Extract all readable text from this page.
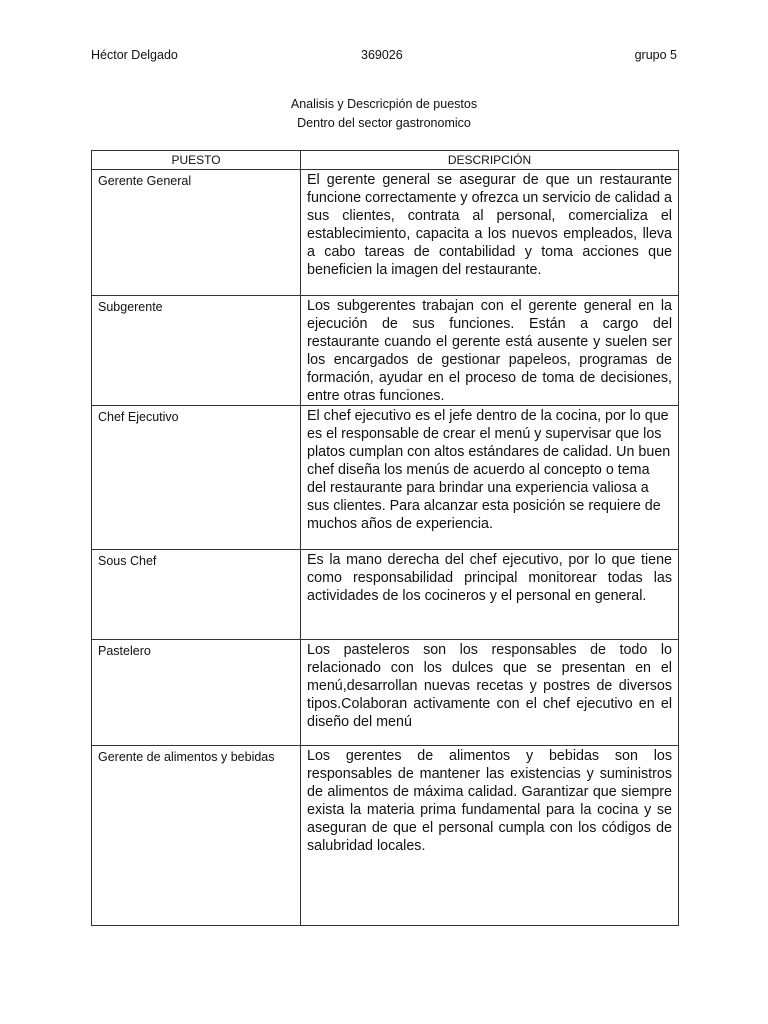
Héctor Delgado	369026	grupo 5
Analisis y Descricpión de puestos
Dentro del sector gastronomico
PUESTO	DESCRIPCIÓN
Gerente General	El gerente general se asegurar de que un restaurante funcione correctamente y ofrezca un servicio de calidad a sus clientes, contrata al personal, comercializa el establecimiento, capacita a los nuevos empleados, lleva a cabo tareas de contabilidad y toma acciones que beneficien la imagen del restaurante.
Subgerente	Los subgerentes trabajan con el gerente general en la ejecución de sus funciones. Están a cargo del restaurante cuando el gerente está ausente y suelen ser los encargados de gestionar papeleos, programas de formación, ayudar en el proceso de toma de decisiones, entre otras funciones.
Chef Ejecutivo	El chef ejecutivo es el jefe dentro de la cocina, por lo que es el responsable de crear el menú y supervisar que los platos cumplan con altos estándares de calidad. Un buen chef diseña los menús de acuerdo al concepto o tema del restaurante para brindar una experiencia valiosa a sus clientes. Para alcanzar esta posición se requiere de muchos años de experiencia.
Sous Chef	Es la mano derecha del chef ejecutivo, por lo que tiene como responsabilidad principal monitorear todas las actividades de los cocineros y el personal en general.
Pastelero	Los pasteleros son los responsables de todo lo relacionado con los dulces que se presentan en el menú,desarrollan nuevas recetas y postres de diversos tipos.Colaboran activamente con el chef ejecutivo en el diseño del menú
Gerente de alimentos y bebidas	Los gerentes de alimentos y bebidas son los responsables de mantener las existencias y suministros de alimentos de máxima calidad. Garantizar que siempre exista la materia prima fundamental para la cocina y se aseguran de que el personal cumpla con los códigos de salubridad locales.
